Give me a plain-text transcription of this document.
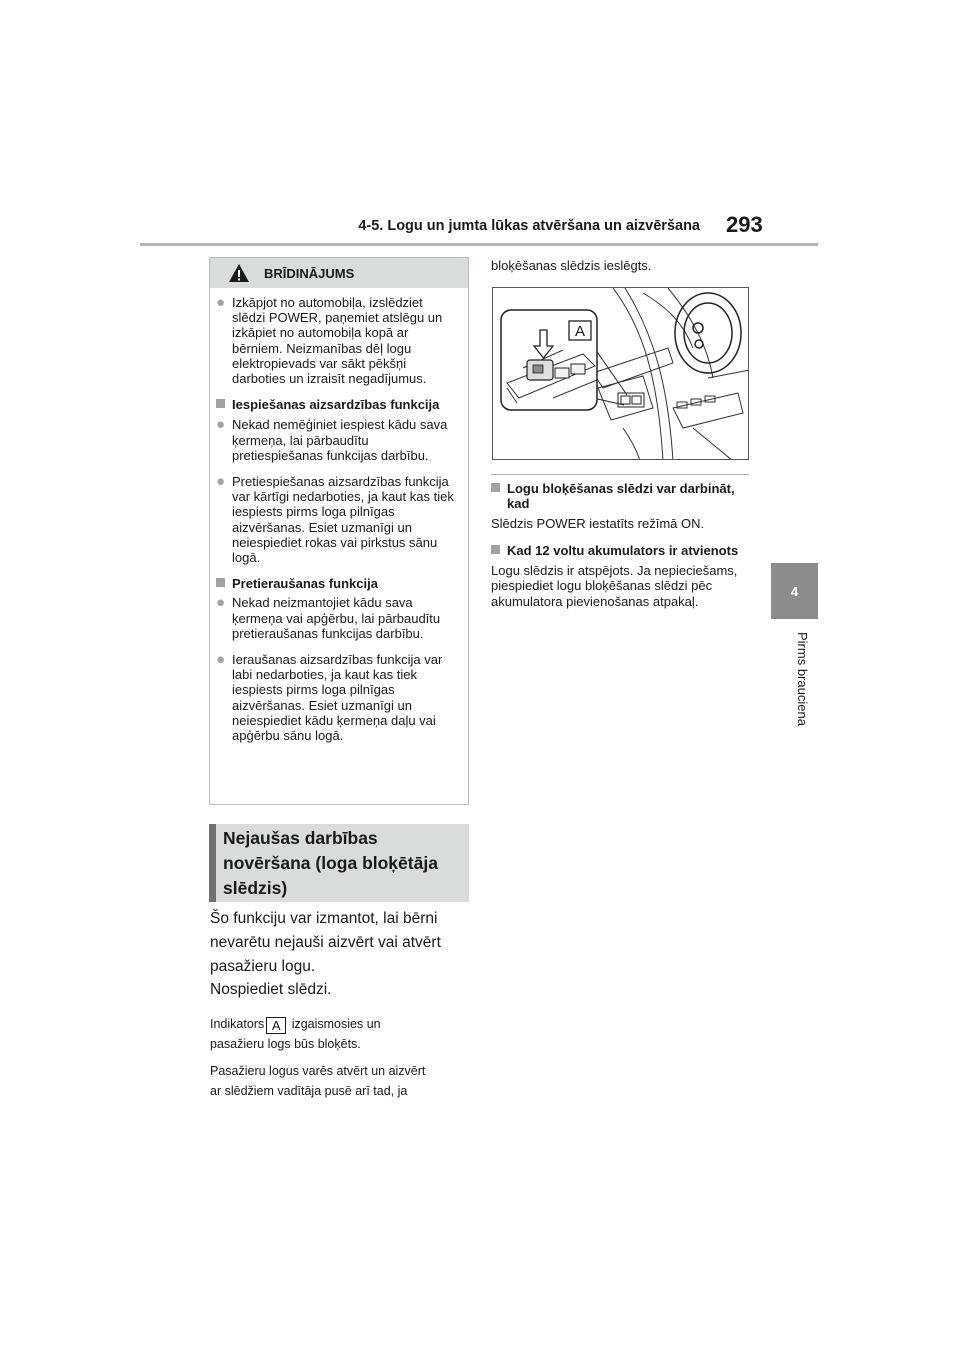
4-5. Logu un jumta lūkas atvēršana un aizvēršana 293
4
Pirms brauciena
BRĪDINĀJUMS
● Izkāpjot no automobiļa, izslēdziet slēdzi POWER, paņemiet atslēgu un izkāpiet no automobiļa kopā ar bērniem. Neizmanības dēļ logu elektropievads var sākt pēkšņi darboties un izraisīt negadījumus.
Iespiešanas aizsardzības funkcija
● Nekad nemēģiniet iespiest kādu sava ķermeņa, lai pārbaudītu pretiespiešanas funkcijas darbību.
● Pretiespiešanas aizsardzības funkcija var kārtīgi nedarboties, ja kaut kas tiek iespiests pirms loga pilnīgas aizvēršanas. Esiet uzmanīgi un neiespiediet rokas vai pirkstus sānu logā.
Pretieraušanas funkcija
● Nekad neizmantojiet kādu sava ķermeņa vai apģērbu, lai pārbaudītu pretieraušanas funkcijas darbību.
● Ieraušanas aizsardzības funkcija var labi nedarboties, ja kaut kas tiek iespiests pirms loga pilnīgas aizvēršanas. Esiet uzmanīgi un neiespiediet kādu ķermeņa daļu vai apģērbu sānu logā.

Nejaušas darbības

novēršana (loga bloķētāja

slēdzis)

Šo funkciju var izmantot, lai bērni
nevarētu nejauši aizvērt vai atvērt
pasažieru logu.
Nospiediet slēdzi.
Indikators A izgaismosies un
pasažieru logs būs bloķēts.
Pasažieru logus varēs atvērt un aizvērt
ar slēdžiem vadītāja pusē arī tad, ja
bloķēšanas slēdzis ieslēgts.
A
Logu bloķēšanas slēdzi var darbināt, kad
Slēdzis POWER iestatīts režīmā ON.
Kad 12 voltu akumulators ir atvienots
Logu slēdzis ir atspējots. Ja nepieciešams, piespiediet logu bloķēšanas slēdzi pēc akumulatora pievienošanas atpakaļ.
